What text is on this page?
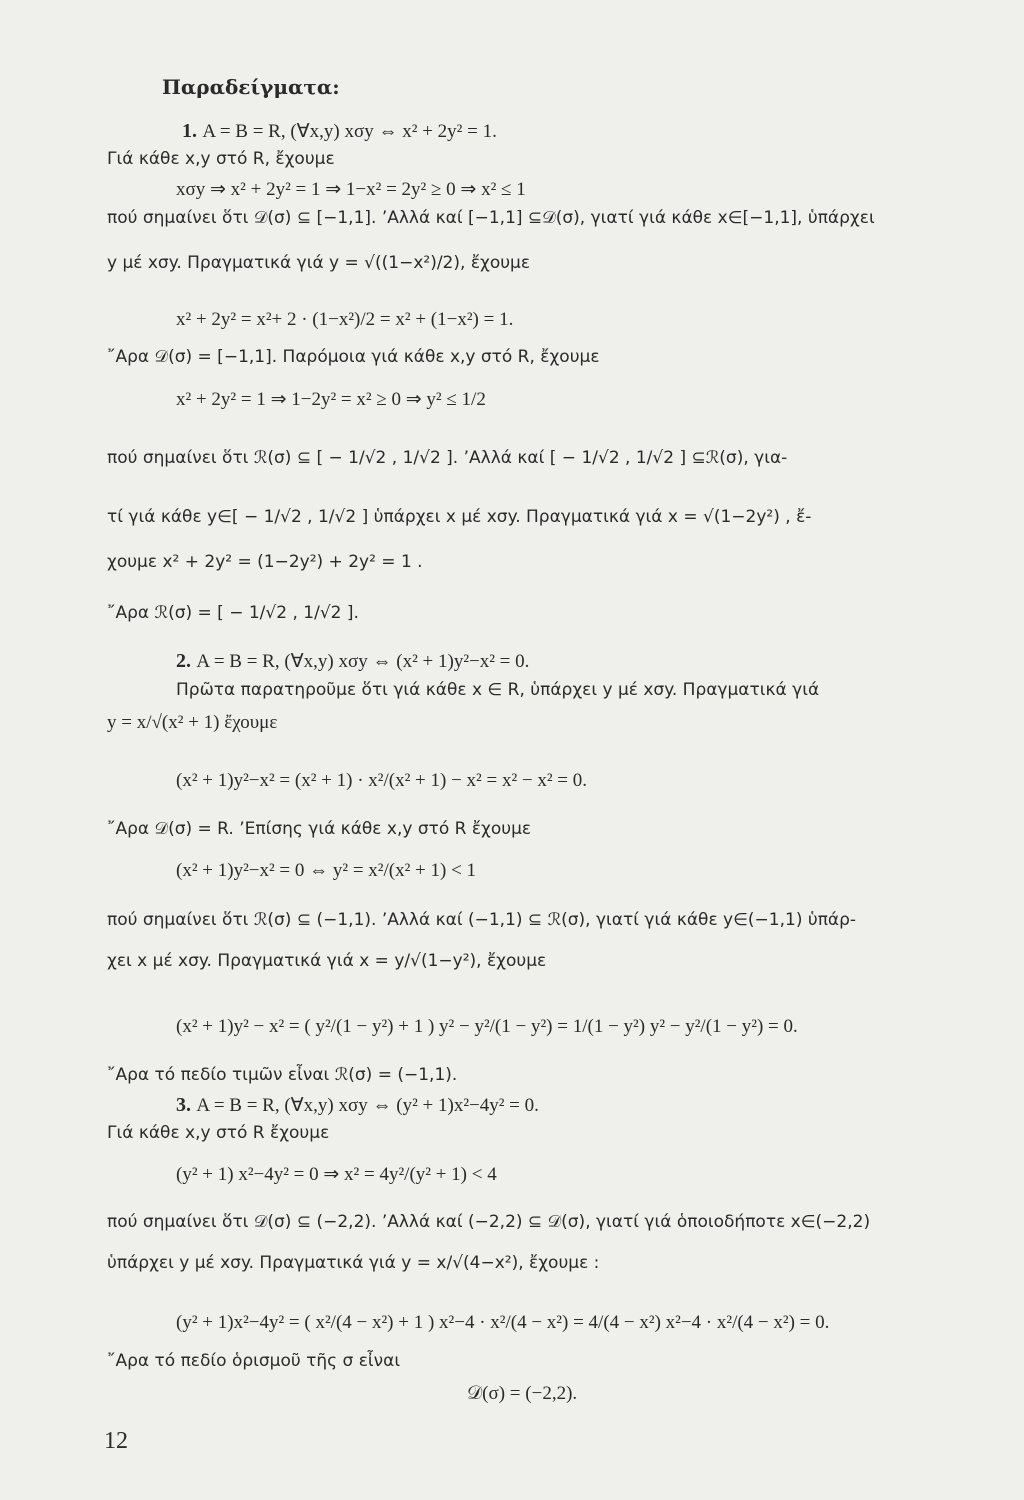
Παραδείγματα:
1. A = B = R, (∀x,y) xσy ⇔ x² + 2y² = 1.
Γιά κάθε x,y στό R, ἔχουμε
xσy ⇒ x² + 2y² = 1 ⇒ 1−x² = 2y² ≥ 0 ⇒ x² ≤ 1
πού σημαίνει ὅτι 𝒟(σ) ⊆ [−1,1]. ’Αλλά καί [−1,1] ⊆𝒟(σ), γιατί γιά κάθε x∈[−1,1], ὑπάρχει
y μέ xσy. Πραγματικά γιά y = √((1−x²)/2), ἔχουμε
x² + 2y² = x²+ 2 · (1−x²)/2 = x² + (1−x²) = 1.
῎Αρα 𝒟(σ) = [−1,1]. Παρόμοια γιά κάθε x,y στό R, ἔχουμε
x² + 2y² = 1 ⇒ 1−2y² = x² ≥ 0 ⇒ y² ≤ 1/2
πού σημαίνει ὅτι ℛ(σ) ⊆ [ − 1/√2 , 1/√2 ]. ’Αλλά καί [ − 1/√2 , 1/√2 ] ⊆ℛ(σ), για-
τί γιά κάθε y∈[ − 1/√2 , 1/√2 ] ὑπάρχει x μέ xσy. Πραγματικά γιά x = √(1−2y²) , ἔ-
χουμε x² + 2y² = (1−2y²) + 2y² = 1 .
῎Αρα ℛ(σ) = [ − 1/√2 , 1/√2 ].
2. A = B = R, (∀x,y) xσy ⇔ (x² + 1)y²−x² = 0.
Πρῶτα παρατηροῦμε ὅτι γιά κάθε x ∈ R, ὑπάρχει y μέ xσy. Πραγματικά γιά
y = x/√(x² + 1) ἔχουμε
(x² + 1)y²−x² = (x² + 1) · x²/(x² + 1) − x² = x² − x² = 0.
῎Αρα 𝒟(σ) = R. ’Επίσης γιά κάθε x,y στό R ἔχουμε
(x² + 1)y²−x² = 0 ⇔ y² = x²/(x² + 1) < 1
πού σημαίνει ὅτι ℛ(σ) ⊆ (−1,1). ’Αλλά καί (−1,1) ⊆ ℛ(σ), γιατί γιά κάθε y∈(−1,1) ὑπάρ-
χει x μέ xσy. Πραγματικά γιά x = y/√(1−y²), ἔχουμε
(x² + 1)y² − x² = ( y²/(1 − y²) + 1 ) y² − y²/(1 − y²) = 1/(1 − y²) y² − y²/(1 − y²) = 0.
῎Αρα τό πεδίο τιμῶν εἶναι ℛ(σ) = (−1,1).
3. A = B = R, (∀x,y) xσy ⇔ (y² + 1)x²−4y² = 0.
Γιά κάθε x,y στό R ἔχουμε
(y² + 1) x²−4y² = 0 ⇒ x² = 4y²/(y² + 1) < 4
πού σημαίνει ὅτι 𝒟(σ) ⊆ (−2,2). ’Αλλά καί (−2,2) ⊆ 𝒟(σ), γιατί γιά ὁποιοδήποτε x∈(−2,2)
ὑπάρχει y μέ xσy. Πραγματικά γιά y = x/√(4−x²), ἔχουμε :
(y² + 1)x²−4y² = ( x²/(4 − x²) + 1 ) x²−4 · x²/(4 − x²) = 4/(4 − x²) x²−4 · x²/(4 − x²) = 0.
῎Αρα τό πεδίο ὁρισμοῦ τῆς σ εἶναι
𝒟(σ) = (−2,2).
12
